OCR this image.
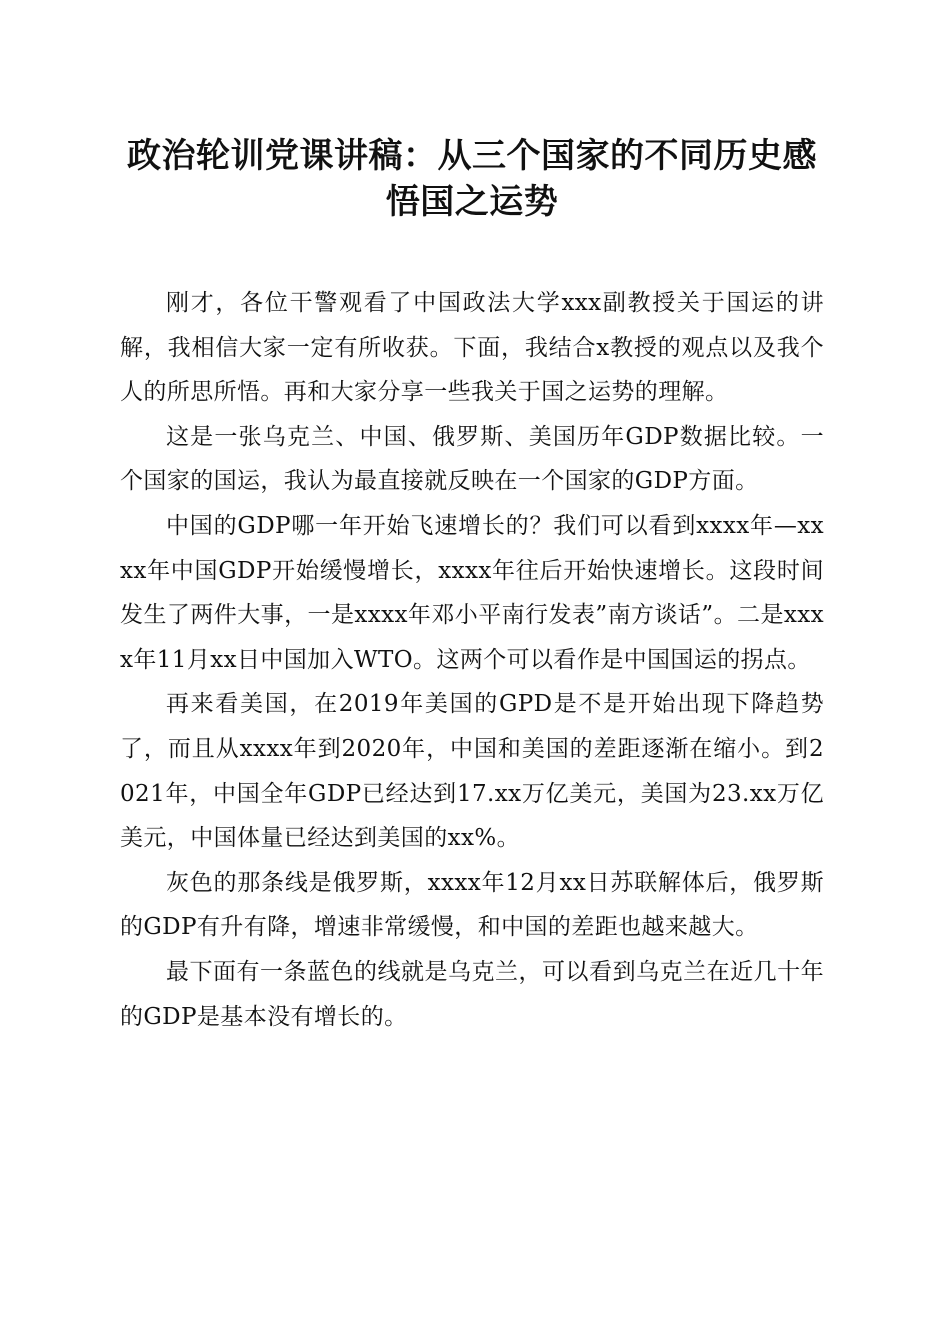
政治轮训党课讲稿：从三个国家的不同历史感
悟国之运势

刚才，各位干警观看了中国政法大学xxx副教授关于国运的讲解，我相信大家一定有所收获。下面，我结合x教授的观点以及我个人的所思所悟。再和大家分享一些我关于国之运势的理解。

这是一张乌克兰、中国、俄罗斯、美国历年GDP数据比较。一个国家的国运，我认为最直接就反映在一个国家的GDP方面。

中国的GDP哪一年开始飞速增长的？我们可以看到xxxx年—xxxx年中国GDP开始缓慢增长，xxxx年往后开始快速增长。这段时间发生了两件大事，一是xxxx年邓小平南行发表”南方谈话”。二是xxxx年11月xx日中国加入WTO。这两个可以看作是中国国运的拐点。

再来看美国，在2019年美国的GPD是不是开始出现下降趋势了，而且从xxxx年到2020年，中国和美国的差距逐渐在缩小。到2021年，中国全年GDP已经达到17.xx万亿美元，美国为23.xx万亿美元，中国体量已经达到美国的xx%。

灰色的那条线是俄罗斯，xxxx年12月xx日苏联解体后，俄罗斯的GDP有升有降，增速非常缓慢，和中国的差距也越来越大。

最下面有一条蓝色的线就是乌克兰，可以看到乌克兰在近几十年的GDP是基本没有增长的。
